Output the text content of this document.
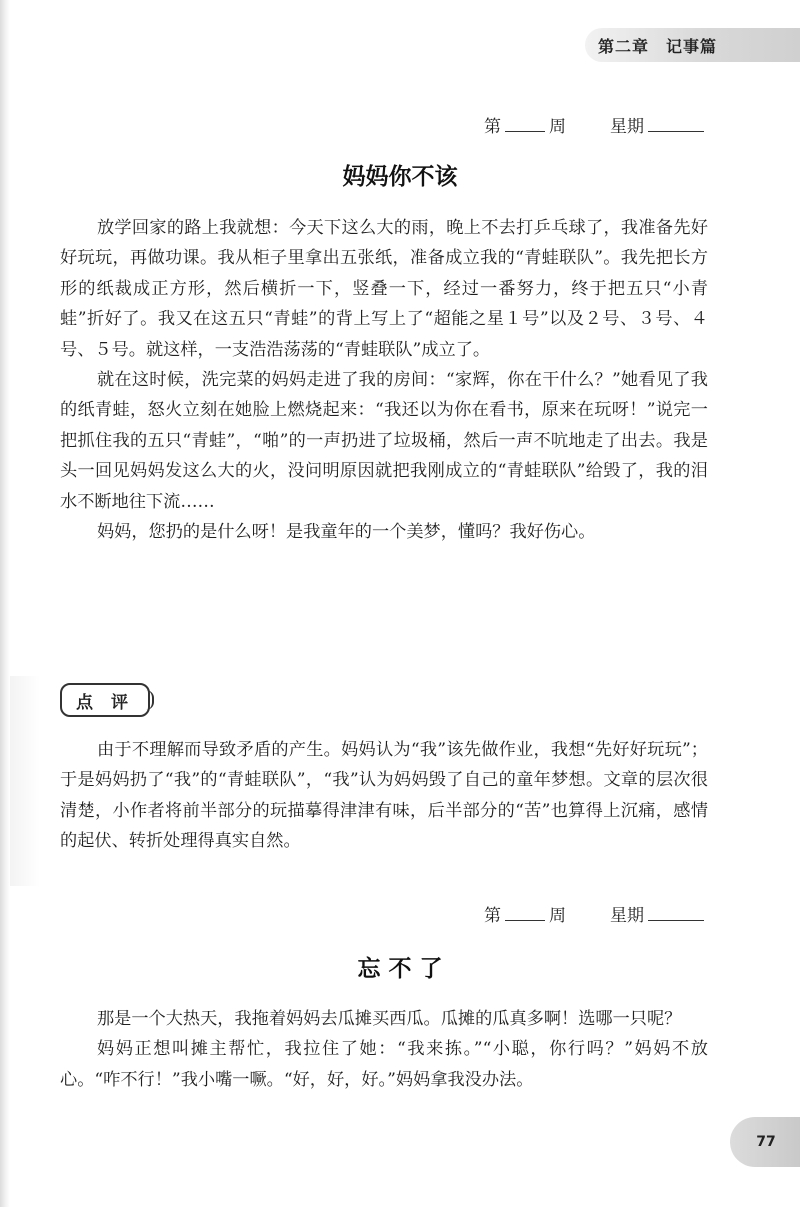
第二章　记事篇
第	周	星期
妈妈你不该

放学回家的路上我就想：今天下这么大的雨，晚上不去打乒乓球了，我准备先好好玩玩，再做功课。我从柜子里拿出五张纸，准备成立我的“青蛙联队”。我先把长方形的纸裁成正方形，然后横折一下，竖叠一下，经过一番努力，终于把五只“小青蛙”折好了。我又在这五只“青蛙”的背上写上了“超能之星１号”以及２号、３号、４号、５号。就这样，一支浩浩荡荡的“青蛙联队”成立了。

就在这时候，洗完菜的妈妈走进了我的房间：“家辉，你在干什么？”她看见了我的纸青蛙，怒火立刻在她脸上燃烧起来：“我还以为你在看书，原来在玩呀！”说完一把抓住我的五只“青蛙”，“啪”的一声扔进了垃圾桶，然后一声不吭地走了出去。我是头一回见妈妈发这么大的火，没问明原因就把我刚成立的“青蛙联队”给毁了，我的泪水不断地往下流……

妈妈，您扔的是什么呀！是我童年的一个美梦，懂吗？我好伤心。

点 评

由于不理解而导致矛盾的产生。妈妈认为“我”该先做作业，我想“先好好玩玩”；于是妈妈扔了“我”的“青蛙联队”，“我”认为妈妈毁了自己的童年梦想。文章的层次很清楚，小作者将前半部分的玩描摹得津津有味，后半部分的“苦”也算得上沉痛，感情的起伏、转折处理得真实自然。

第	周	星期
忘 不 了

那是一个大热天，我拖着妈妈去瓜摊买西瓜。瓜摊的瓜真多啊！选哪一只呢？

妈妈正想叫摊主帮忙，我拉住了她：“我来拣。”“小聪，你行吗？”妈妈不放心。“咋不行！”我小嘴一噘。“好，好，好。”妈妈拿我没办法。

77
